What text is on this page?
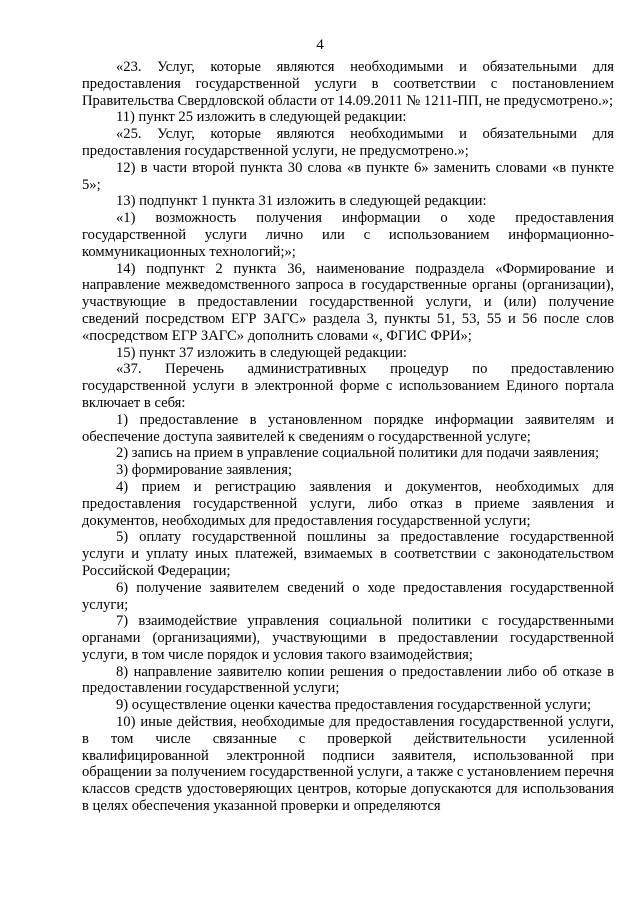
4

«23. Услуг, которые являются необходимыми и обязательными для предоставления государственной услуги в соответствии с постановлением Правительства Свердловской области от 14.09.2011 № 1211-ПП, не предусмотрено.»;

11) пункт 25 изложить в следующей редакции:

«25. Услуг, которые являются необходимыми и обязательными для предоставления государственной услуги, не предусмотрено.»;

12) в части второй пункта 30 слова «в пункте 6» заменить словами «в пункте 5»;

13) подпункт 1 пункта 31 изложить в следующей редакции:

«1) возможность получения информации о ходе предоставления государственной услуги лично или с использованием информационно-коммуникационных технологий;»;

14) подпункт 2 пункта 36, наименование подраздела «Формирование и направление межведомственного запроса в государственные органы (организации), участвующие в предоставлении государственной услуги, и (или) получение сведений посредством ЕГР ЗАГС» раздела 3, пункты 51, 53, 55 и 56 после слов «посредством ЕГР ЗАГС» дополнить словами «, ФГИС ФРИ»;

15) пункт 37 изложить в следующей редакции:

«37. Перечень административных процедур по предоставлению государственной услуги в электронной форме с использованием Единого портала включает в себя:

1) предоставление в установленном порядке информации заявителям и обеспечение доступа заявителей к сведениям о государственной услуге;

2) запись на прием в управление социальной политики для подачи заявления;

3) формирование заявления;

4) прием и регистрацию заявления и документов, необходимых для предоставления государственной услуги, либо отказ в приеме заявления и документов, необходимых для предоставления государственной услуги;

5) оплату государственной пошлины за предоставление государственной услуги и уплату иных платежей, взимаемых в соответствии с законодательством Российской Федерации;

6) получение заявителем сведений о ходе предоставления государственной услуги;

7) взаимодействие управления социальной политики с государственными органами (организациями), участвующими в предоставлении государственной услуги, в том числе порядок и условия такого взаимодействия;

8) направление заявителю копии решения о предоставлении либо об отказе в предоставлении государственной услуги;

9) осуществление оценки качества предоставления государственной услуги;

10) иные действия, необходимые для предоставления государственной услуги, в том числе связанные с проверкой действительности усиленной квалифицированной электронной подписи заявителя, использованной при обращении за получением государственной услуги, а также с установлением перечня классов средств удостоверяющих центров, которые допускаются для использования в целях обеспечения указанной проверки и определяются
